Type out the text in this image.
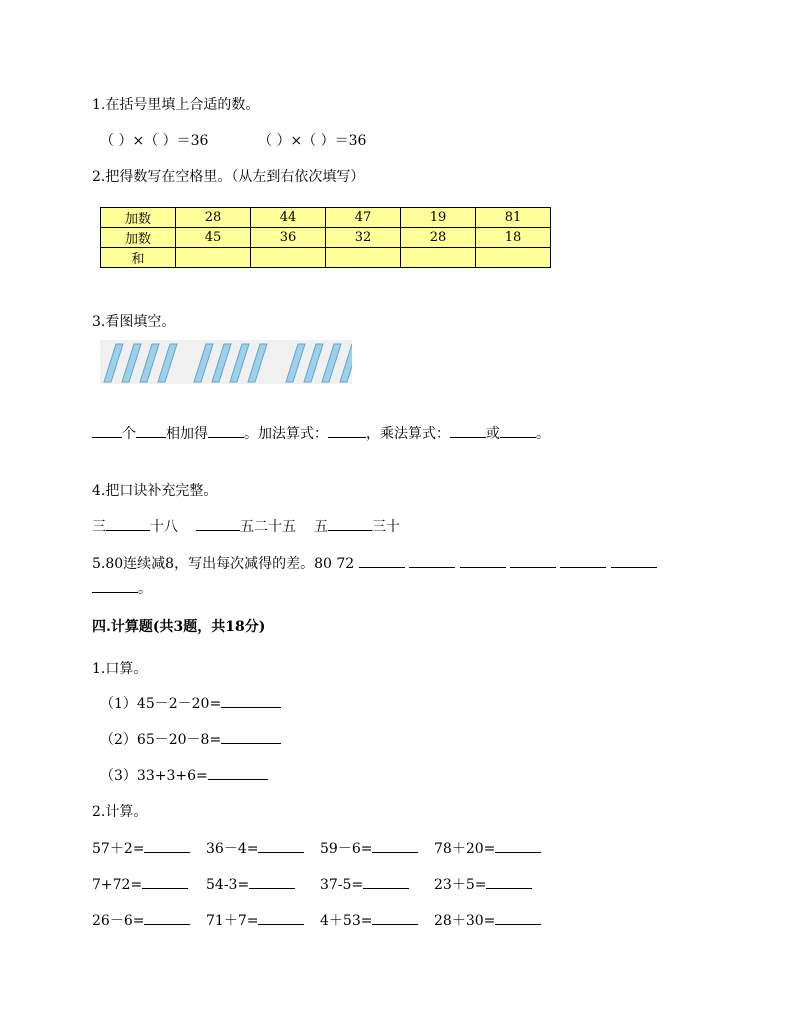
1.在括号里填上合适的数。
（ ）×（ ）＝36	（ ）×（ ）＝36
2.把得数写在空格里。（从左到右依次填写）
加数	28	44	47	19	81
加数	45	36	32	28	18
和					
3.看图填空。
个 相加得	。加法算式：	，乘法算式：	或	。
4.把口诀补充完整。
三	十八	五二十五 五	三十
5.80连续减8，写出每次减得的差。80 72
。
四.计算题(共3题，共18分)
1.口算。
（1）45－2－20=
（2）65－20－8=
（3）33+3+6=
2.计算。
57＋2=	36－4=	59－6=	78＋20=
7+72=	54-3=	37-5=	23＋5=
26－6=	71＋7=	4＋53=	28＋30=
